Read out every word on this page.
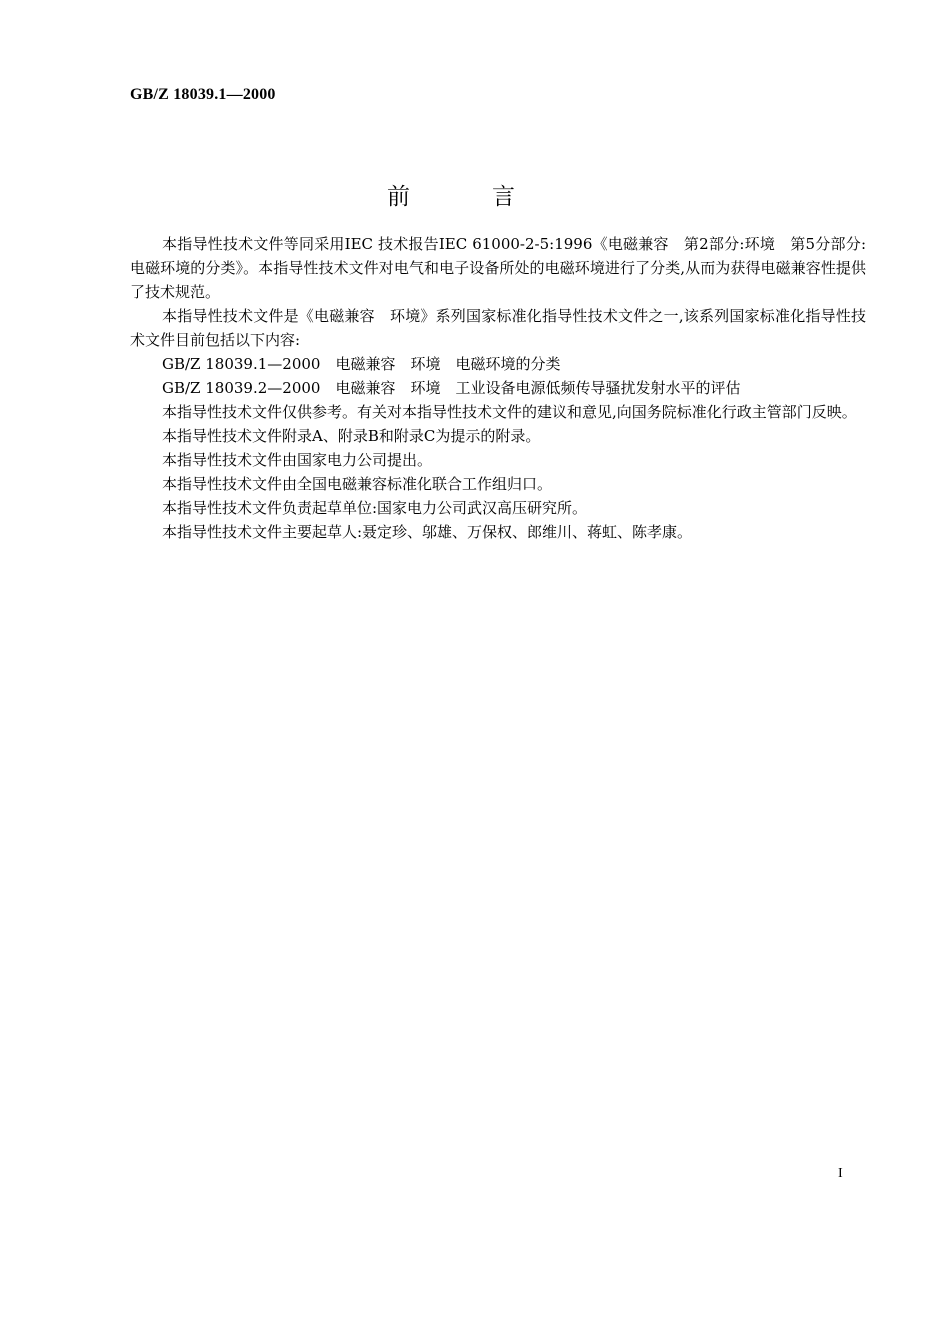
GB/Z 18039.1—2000
前言

本指导性技术文件等同采用IEC 技术报告IEC 61000-2-5:1996《电磁兼容　第2部分:环境　第5分部分:电磁环境的分类》。本指导性技术文件对电气和电子设备所处的电磁环境进行了分类,从而为获得电磁兼容性提供了技术规范。

本指导性技术文件是《电磁兼容　环境》系列国家标准化指导性技术文件之一,该系列国家标准化指导性技术文件目前包括以下内容:

GB/Z 18039.1—2000　电磁兼容　环境　电磁环境的分类

GB/Z 18039.2—2000　电磁兼容　环境　工业设备电源低频传导骚扰发射水平的评估

本指导性技术文件仅供参考。有关对本指导性技术文件的建议和意见,向国务院标准化行政主管部门反映。

本指导性技术文件附录A、附录B和附录C为提示的附录。

本指导性技术文件由国家电力公司提出。

本指导性技术文件由全国电磁兼容标准化联合工作组归口。

本指导性技术文件负责起草单位:国家电力公司武汉高压研究所。

本指导性技术文件主要起草人:聂定珍、邬雄、万保权、郎维川、蒋虹、陈孝康。

I
